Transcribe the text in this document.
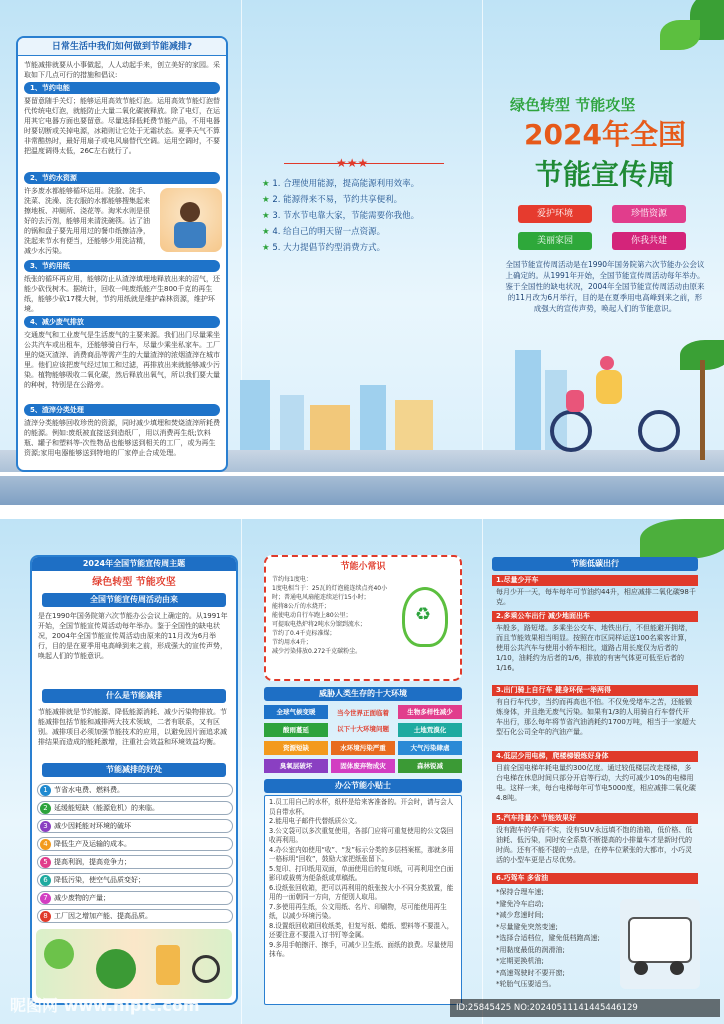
日常生活中我们如何做到节能减排?
节能减排就要从小事做起，人人动起手来，创立美好的家园。采取如下几点可行的措施和倡议:
1、节约电能
要留意随手关灯；能够运用高效节能灯泡。运用高效节能灯泡替代传统电灯泡，就能防止大量二氧化碳被释放。除了电灯，在运用其它电器方面也要留意。尽量选择低耗费节能产品，不用电器时要切断或关掉电源，冰箱则让它处于无霜状态。夏季天气不算非常酷热时，最好用扇子或电风扇替代空调。运用空调时，不要把温度调得太低，26C左右就行了。
2、节约水资源
许多废水都能够循环运用。洗脸、洗手、洗菜、洗澡、洗衣服的水都能够搜集起来擦地板、冲厕所、浇花等。淘米水则是很好的去污剂，能够用来清洗碗筷。沾了油的锅和盘子要先用用过的餐巾纸擦洁净，洗起来节水有便当，还能够少用洗洁精，减少水污染。
3、节约用纸
纸张的循环再应用，能够防止从渣滓填埋地释放出来的沼气，还能少砍伐树木。据统计，回收一吨废纸能产生800千克的再生纸，能够少砍17棵大树，节约用纸就是维护森林资源，维护环境。
4、减少废气排放
交通废气和工业废气是生活废气的主要来源。我们出门尽量乘坐公共汽车或出租车，还能够骑自行车，尽量少乘坐私家车。工厂里的烧灭渣滓、消费商品等需产生的大量渣滓的浓烟渣滓在城市里。他们应该把废气经过加工和过滤，再排放出来就能够减少污染。植物能够吸收二氧化碳，然后释放出氧气，所以我们要大量的种树，特别是在公路旁。
5、渣滓分类处理
渣滓分类能够回收珍贵的资源，同时减少填埋和焚烧渣滓所耗费的能源。例如:废纸被直接送到造纸厂，用以消费再生纸;饮料瓶、罐子和塑料等-次性物品也能够送到相关的工厂，或为再生资源;家用电器能够送到特地的厂家停止合成处理。
★★★
★ 1. 合理使用能源，提高能源利用效率。
★ 2. 能源得来不易，节约共享便利。
★ 3. 节水节电靠大家，节能需要你我他。
★ 4. 给自己的明天留一点资源。
★ 5. 大力提倡节约型消费方式。
绿色转型 节能攻坚
2024年全国
节能宣传周
爱护环境	珍惜资源
美丽家园	你我共建
全国节能宣传周活动是在1990年国务院第六次节能办公会议上确定的。从1991年开始，全国节能宣传周活动每年举办。鉴于全国性的缺电状况，2004年全国节能宣传周活动由原来的11月改为6月举行，目的是在夏季用电高峰到来之前，形成强大的宣传声势，唤起人们的节能意识。
2024年全国节能宣传周主题
绿色转型 节能攻坚
全国节能宣传周活动由来
是在1990年国务院第六次节能办公会议上确定的。从1991年开始，全国节能宣传周活动每年举办。鉴于全国性的缺电状况，2004年全国节能宣传周活动由原来的11月改为6月举行，目的是在夏季用电高峰到来之前，形成强大的宣传声势，唤起人们的节能意识。
什么是节能减排
节能减排就是节约能源、降低能源消耗、减少污染物排放。节能减排包括节能和减排两大技术领域，二者有联系，又有区别。减排项目必须加强节能技术的应用，以避免因片面追求减排结果而造成的能耗激增，注重社会效益和环境效益均衡。
节能减排的好处
1 节省水电费、燃料费。
2 延缓能短缺（能源危机）的来临。
3 减少因耗能对环境的破坏
4 降低生产及运输的成本。
5 提高利润，提高竞争力；
6 降低污染，使空气品质变好；
7 减少废物的产量；
8 工厂因之增加产能、提高品质。
节能小常识
节约每1度电：
1度电相当于：25瓦的灯泡能连续点亮40小时；普通电风扇能连续运行15小时；
能将8公斤的水烧开；
能使电动自行车跑上80公里；
可提取电热炉将2吨水分馏到流水；
节约了0.4千克标准煤；
节约用水4升；
减少污染排放0.272千克碳粉尘。
♻
威胁人类生存的十大环境
全球气候变暖	生物多样性减少
酸雨蔓延	土地荒漠化
资源短缺	水环境污染严重	大气污染肆虐
臭氧层破坏	固体废弃物成灾	森林锐减
当今世界正面临着
以下十大环境问题
办公节能小贴士
1.员工用自己的水杯，纸杯是给来客准备的。开会时，请与会人员自带水杯。
2.能用电子邮件代替纸质公文。
3.公文袋可以多次重复使用，各部门应将可重复使用的公文袋回收再利用。
4.办公室内如使用“收”、“发”标示分类的多层档案框，那就多用一格标明“回收”，鼓励大家把纸张留下。
5.复印、打印纸用双面，单面使用后的复印纸，可再利用空白面影印或裁剪为便条纸或草稿纸。
6.设纸张回收箱，把可以再利用的纸张按大小不同分类放置，能用的一面朝同一方向，方便别人取用。
7.多使用再生纸，公文用纸、名片、印刷物，尽可能使用再生纸，以减少环境污染。
8.设置纸回收箱回收纸类，但复写纸、蜡纸、塑料等不要混入，还要注意不要混入订书钉等金属。
9.多用手帕擦汗、擦手，可减少卫生纸、面纸的浪费。尽量使用抹布。
节能低碳出行
1.尽量少开车
每月少开一天，每车每年可节油约44升，相应减排二氧化碳98千克。
2.多乘公车出行 减少地面出车
车般多，路短堵。多乘坐公交车、地铁出行，不但能避开拥堵，而且节能效果相当明显。按照在市区同样运送100名乘客计算，使用公共汽车与使用小轿车相比，道路占用长度仅为后者的1/10，油耗约为后者的1/6，排放的有害气体更可低至后者的1/16。
3.出门骑上自行车 健身环保一举两得
有自行车代步，当约而再高也不怕。不仅免受堵车之苦，还能锻炼身体，并且绝无废气污染。如果有1/3的人用骑自行车替代开车出行，那么每年将节省汽油消耗约1700万吨，相当于一家超大型石化公司全年的汽油产量。
4.低层少用电梯，爬楼梯锻炼好身体
目前全国电梯年耗电量约300亿度。通过较低楼层改走楼梯，多台电梯在休息时间只部分开启等行动，大约可减少10%的电梯用电。这样一来，每台电梯每年可节电5000度，相应减排二氧化碳4.8吨。
5.汽车排量小 节能效果好
没有跑车的华而不实，没有SUV永远填不饱的油箱，低价格、低油耗、低污染，同时安全系数不断提高的小排量车才是新时代的时尚。还有不能不提的一点是，在停车位紧张的大都市，小巧灵活的小型车更是占尽优势。
6.巧驾车 多省油
*保持合理车速;
*避免冷车启动;
*减少怠速时间;
*尽量避免突然变速;
*选择合适档位，避免低档跑高速;
*用黏度最低的润滑油;
*定期更换机油;
*高速驾驶时不要开窗;
*轮胎气压要适当。
昵图网 www.nipic.com	ID:25845425 NO:20240511141445446129
